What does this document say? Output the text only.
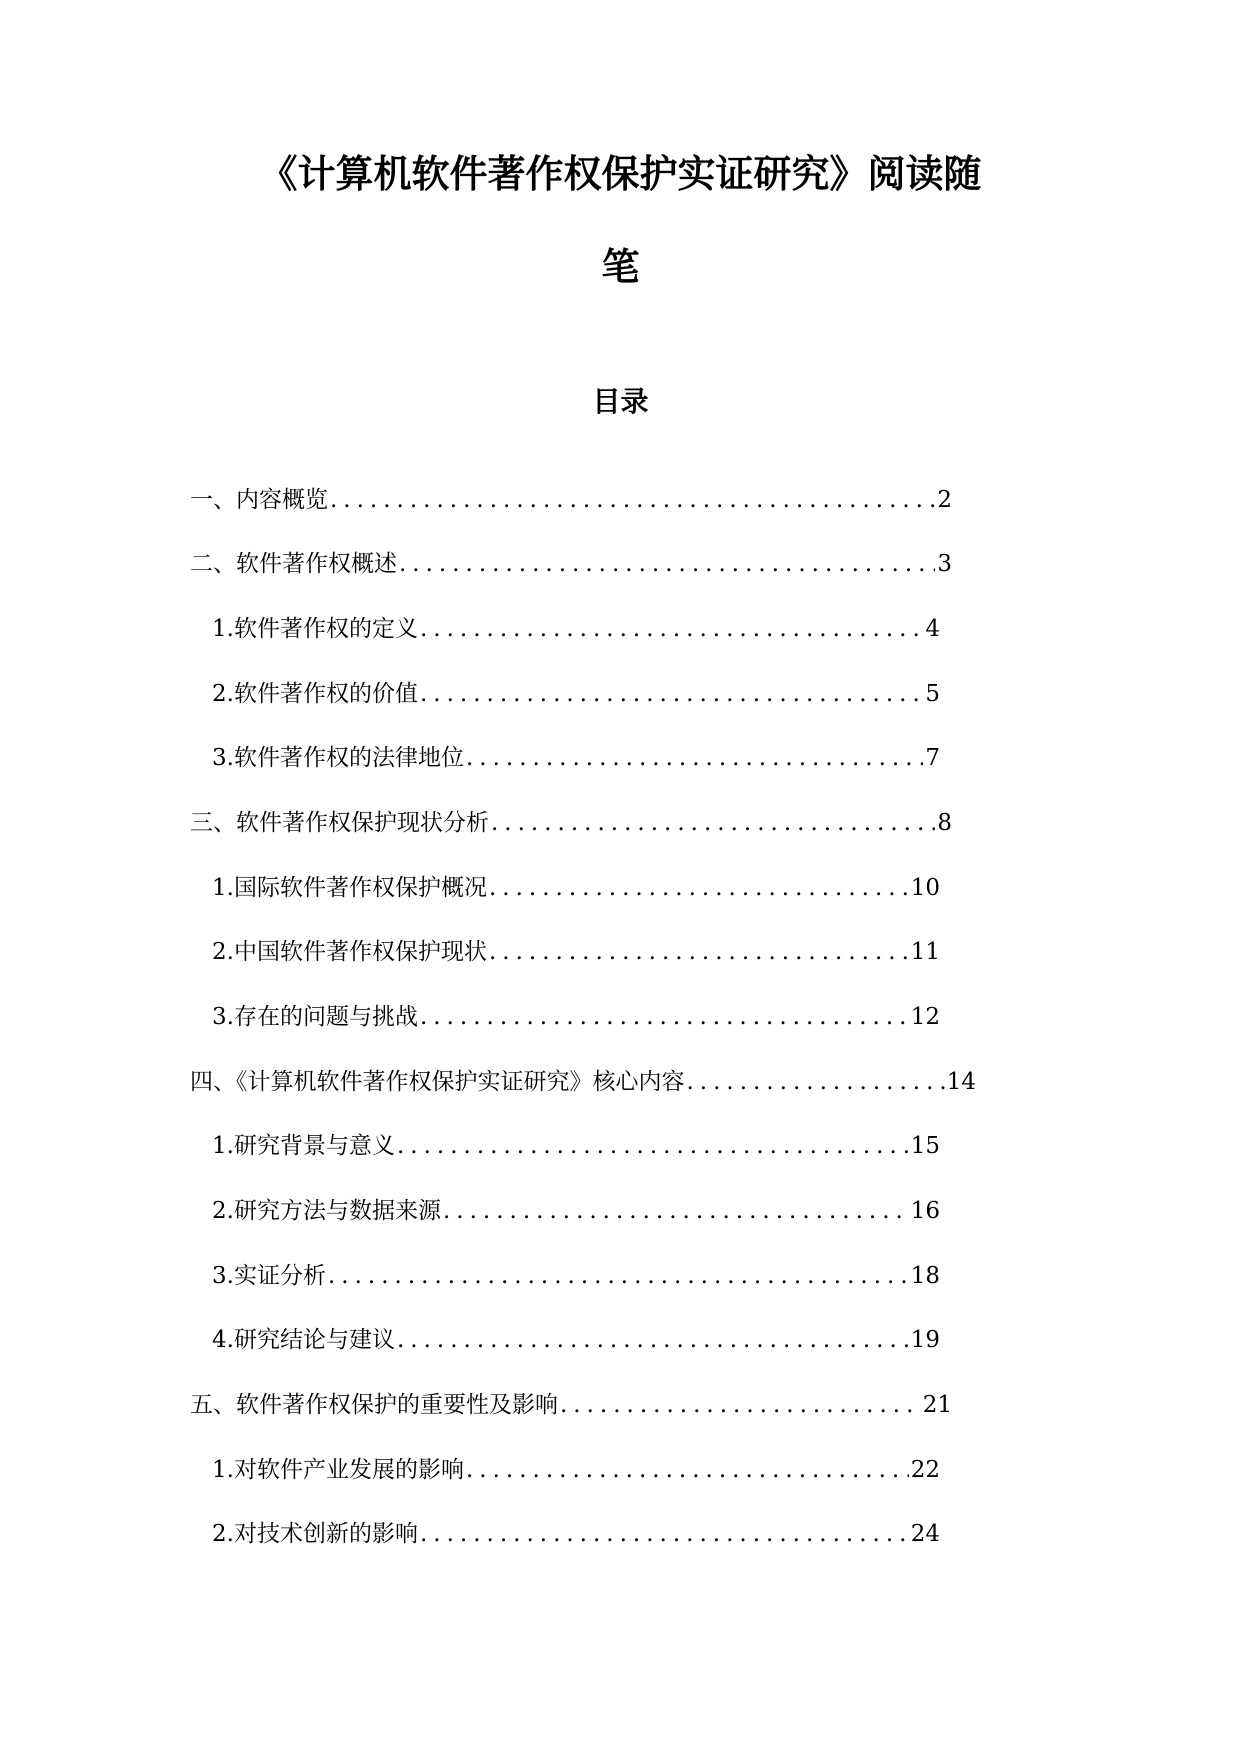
《计算机软件著作权保护实证研究》阅读随
笔
目录
一、内容概览 .....	2
二、软件著作权概述 .....	3
1. 软件著作权的定义 .....	4
2. 软件著作权的价值 .....	5
3. 软件著作权的法律地位 .....	7
三、软件著作权保护现状分析 .....	8
1. 国际软件著作权保护概况 .....	10
2. 中国软件著作权保护现状 .....	11
3. 存在的问题与挑战 .....	12
四、《计算机软件著作权保护实证研究》核心内容 .....	14
1. 研究背景与意义 .....	15
2. 研究方法与数据来源 .....	16
3. 实证分析 .....	18
4. 研究结论与建议 .....	19
五、软件著作权保护的重要性及影响 .....	21
1. 对软件产业发展的影响 .....	22
2. 对技术创新的影响 .....	24
